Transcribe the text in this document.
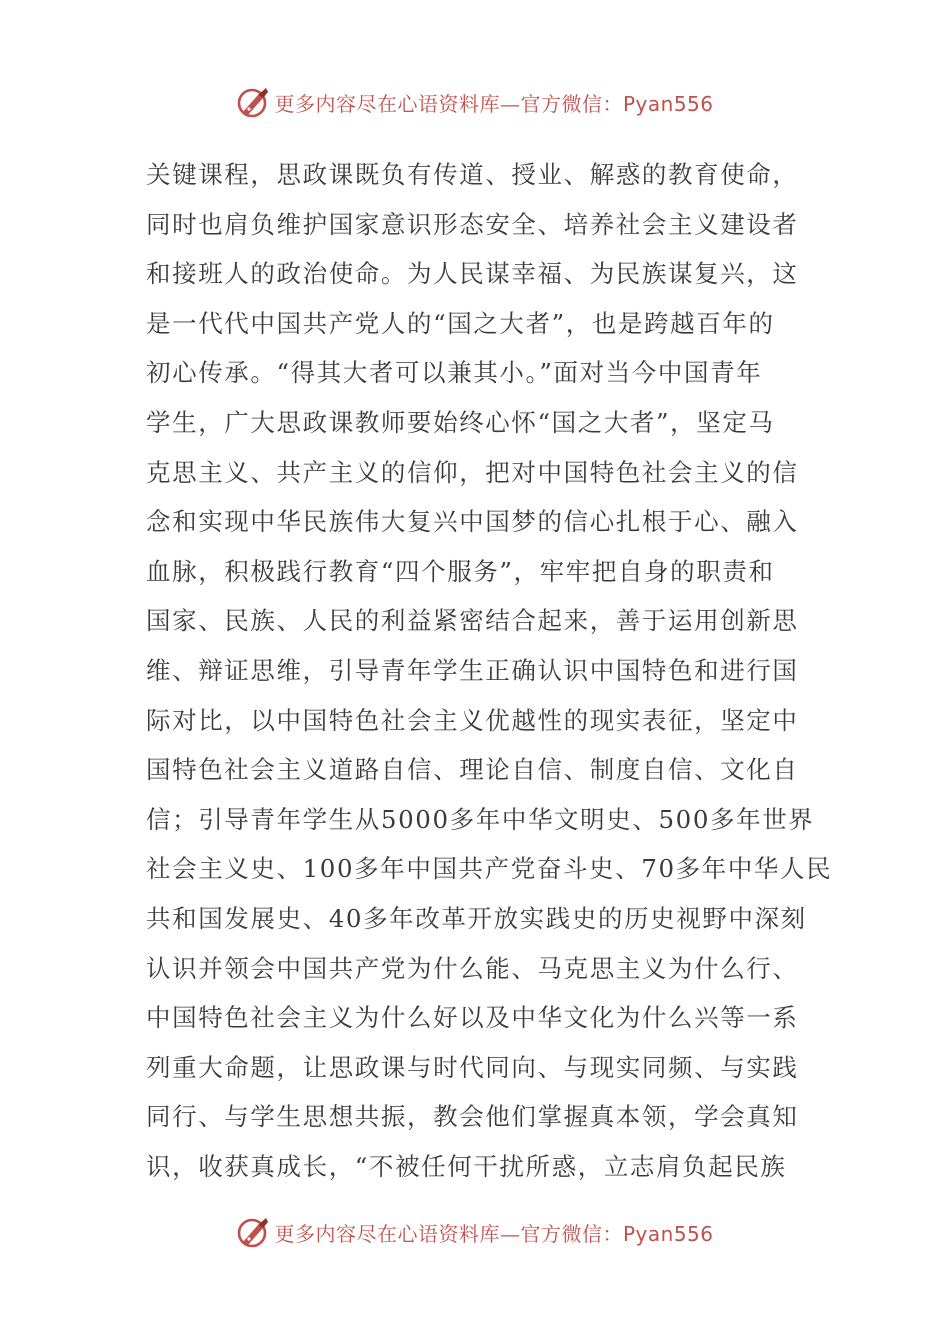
更多内容尽在心语资料库—官方微信：Pyan556
关键课程，思政课既负有传道、授业、解惑的教育使命，
同时也肩负维护国家意识形态安全、培养社会主义建设者
和接班人的政治使命。为人民谋幸福、为民族谋复兴，这
是一代代中国共产党人的“国之大者”，也是跨越百年的
初心传承。“得其大者可以兼其小。”面对当今中国青年
学生，广大思政课教师要始终心怀“国之大者”，坚定马
克思主义、共产主义的信仰，把对中国特色社会主义的信
念和实现中华民族伟大复兴中国梦的信心扎根于心、融入
血脉，积极践行教育“四个服务”，牢牢把自身的职责和
国家、民族、人民的利益紧密结合起来，善于运用创新思
维、辩证思维，引导青年学生正确认识中国特色和进行国
际对比，以中国特色社会主义优越性的现实表征，坚定中
国特色社会主义道路自信、理论自信、制度自信、文化自
信；引导青年学生从5000多年中华文明史、500多年世界
社会主义史、100多年中国共产党奋斗史、70多年中华人民
共和国发展史、40多年改革开放实践史的历史视野中深刻
认识并领会中国共产党为什么能、马克思主义为什么行、
中国特色社会主义为什么好以及中华文化为什么兴等一系
列重大命题，让思政课与时代同向、与现实同频、与实践
同行、与学生思想共振，教会他们掌握真本领，学会真知
识，收获真成长，“不被任何干扰所惑，立志肩负起民族
更多内容尽在心语资料库—官方微信：Pyan556
